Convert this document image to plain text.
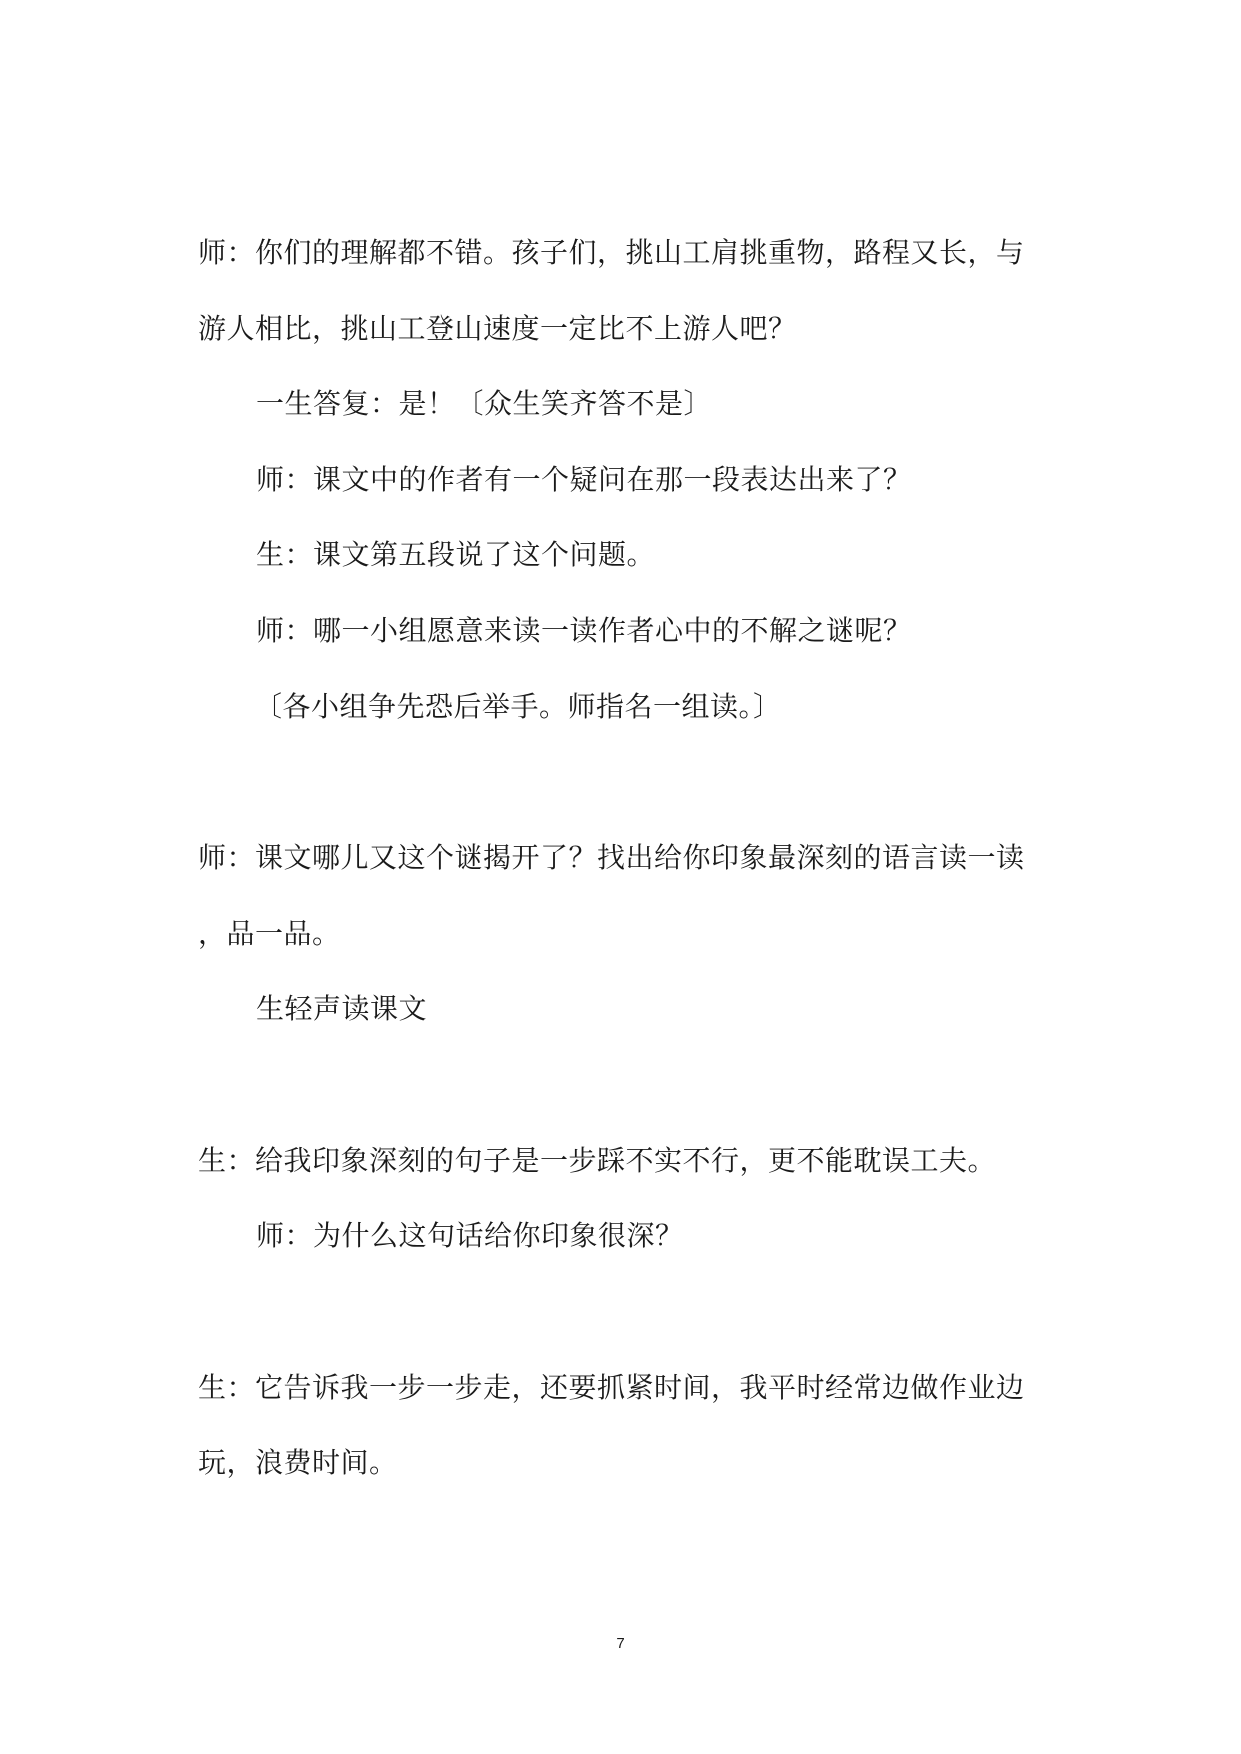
师：你们的理解都不错。孩子们，挑山工肩挑重物，路程又长，与
游人相比，挑山工登山速度一定比不上游人吧？
一生答复：是！〔众生笑齐答不是〕
师：课文中的作者有一个疑问在那一段表达出来了？
生：课文第五段说了这个问题。
师：哪一小组愿意来读一读作者心中的不解之谜呢？
〔各小组争先恐后举手。师指名一组读。〕
师：课文哪儿又这个谜揭开了？找出给你印象最深刻的语言读一读
，品一品。
生轻声读课文
生：给我印象深刻的句子是一步踩不实不行，更不能耽误工夫。
师：为什么这句话给你印象很深？
生：它告诉我一步一步走，还要抓紧时间，我平时经常边做作业边
玩，浪费时间。
7
